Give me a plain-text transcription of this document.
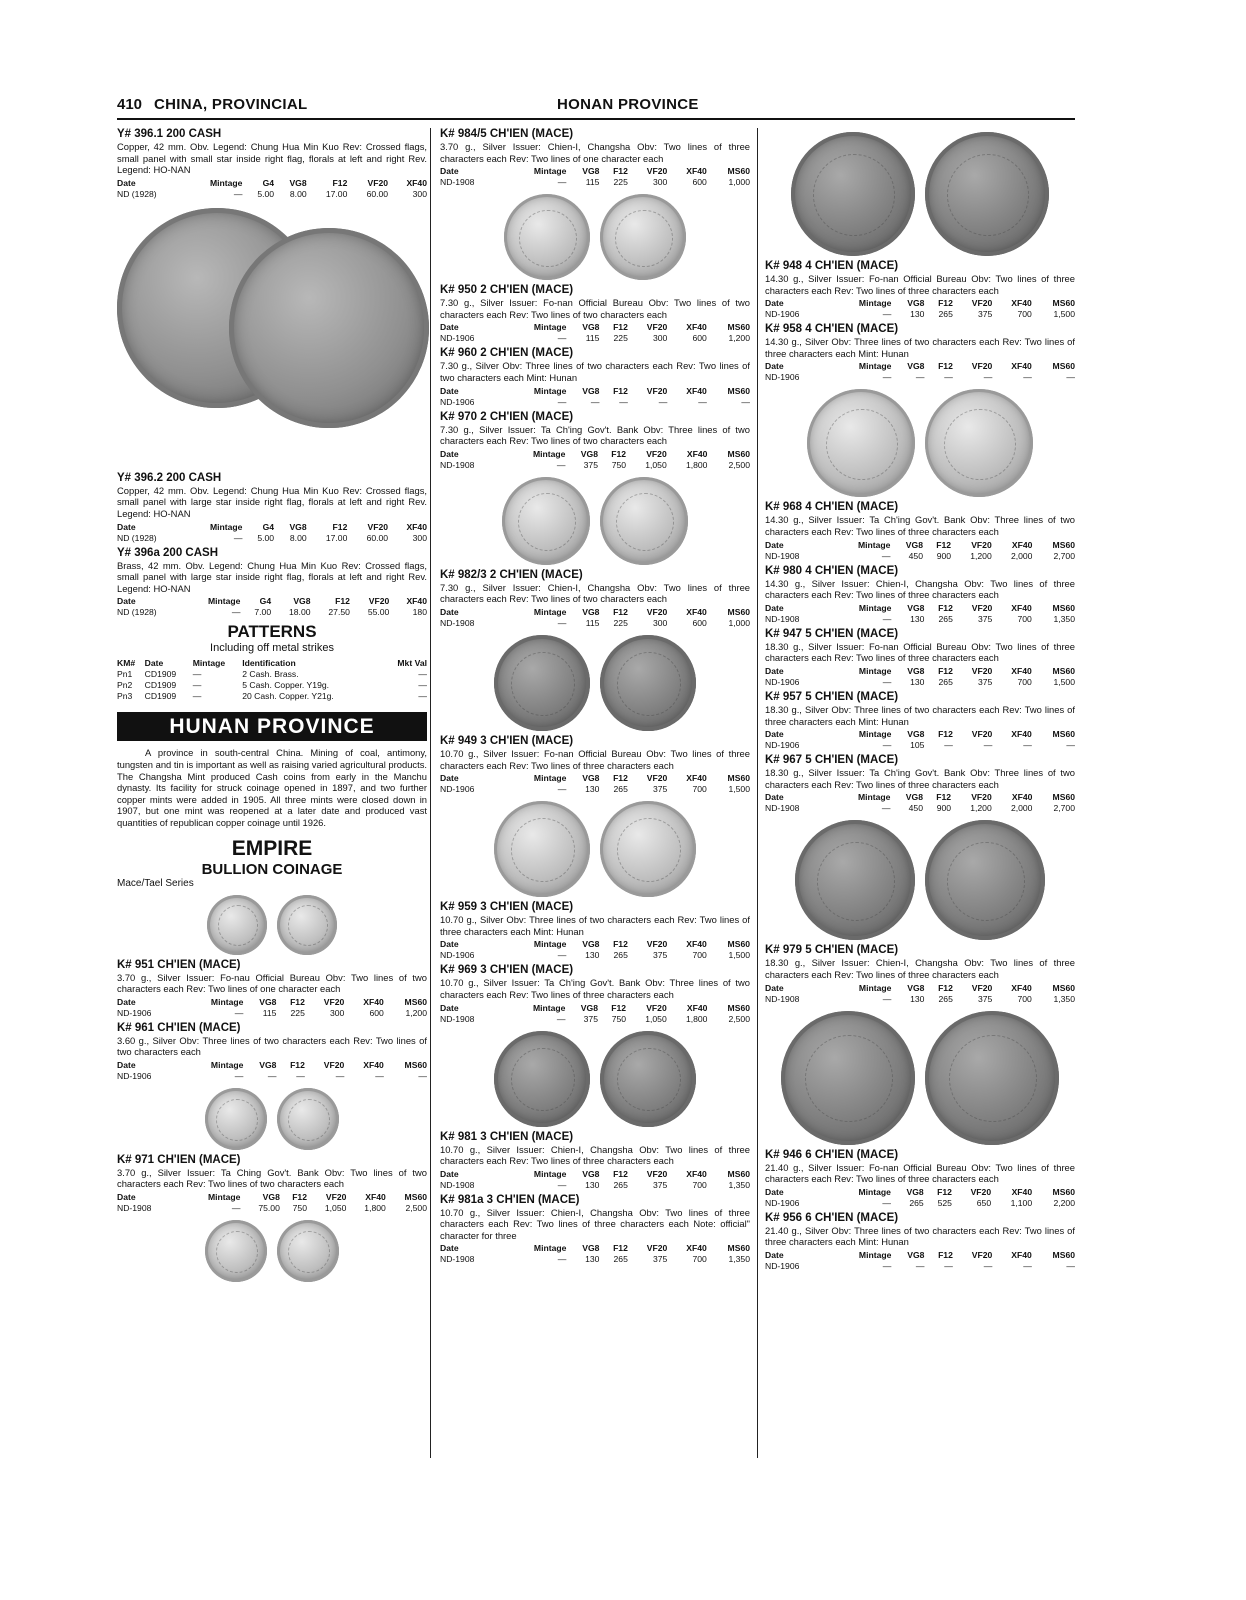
410 CHINA, PROVINCIAL	HONAN PROVINCE
Y# 396.1 200 CASH
Copper, 42 mm. Obv. Legend: Chung Hua Min Kuo Rev: Crossed flags, small panel with small star inside right flag, florals at left and right Rev. Legend: HO-NAN
Date	Mintage	G4	VG8	F12	VF20	XF40
ND (1928)	—	5.00	8.00	17.00	60.00	300
Y# 396.2 200 CASH
Copper, 42 mm. Obv. Legend: Chung Hua Min Kuo Rev: Crossed flags, small panel with large star inside right flag, florals at left and right Rev. Legend: HO-NAN
Date	Mintage	G4	VG8	F12	VF20	XF40
ND (1928)	—	5.00	8.00	17.00	60.00	300
Y# 396a 200 CASH
Brass, 42 mm. Obv. Legend: Chung Hua Min Kuo Rev: Crossed flags, small panel with large star inside right flag, florals at left and right Rev. Legend: HO-NAN
Date	Mintage	G4	VG8	F12	VF20	XF40
ND (1928)	—	7.00	18.00	27.50	55.00	180
PATTERNS
Including off metal strikes
KM#	Date	Mintage	Identification	Mkt Val
Pn1	CD1909	—	2 Cash. Brass.	—
Pn2	CD1909	—	5 Cash. Copper. Y19g.	—
Pn3	CD1909	—	20 Cash. Copper. Y21g.	—
HUNAN PROVINCE
A province in south-central China. Mining of coal, antimony, tungsten and tin is important as well as raising varied agricultural products. The Changsha Mint produced Cash coins from early in the Manchu dynasty. Its facility for struck coinage opened in 1897, and two further copper mints were added in 1905. All three mints were closed down in 1907, but one mint was reopened at a later date and produced vast quantities of republican copper coinage until 1926.
EMPIRE
BULLION COINAGE
Mace/Tael Series
K# 951 CH'IEN (MACE)
3.70 g., Silver Issuer: Fo-nau Official Bureau Obv: Two lines of two characters each Rev: Two lines of one character each
Date	Mintage	VG8	F12	VF20	XF40	MS60
ND-1906	—	115	225	300	600	1,200
K# 961 CH'IEN (MACE)
3.60 g., Silver Obv: Three lines of two characters each Rev: Two lines of two characters each
Date	Mintage	VG8	F12	VF20	XF40	MS60
ND-1906	—	—	—	—	—	—
K# 971 CH'IEN (MACE)
3.70 g., Silver Issuer: Ta Ching Gov't. Bank Obv: Two lines of two characters each Rev: Two lines of two characters each
Date	Mintage	VG8	F12	VF20	XF40	MS60
ND-1908	—	75.00	750	1,050	1,800	2,500
K# 984/5 CH'IEN (MACE)
3.70 g., Silver Issuer: Chien-I, Changsha Obv: Two lines of three characters each Rev: Two lines of one character each
Date	Mintage	VG8	F12	VF20	XF40	MS60
ND-1908	—	115	225	300	600	1,000
K# 950 2 CH'IEN (MACE)
7.30 g., Silver Issuer: Fo-nan Official Bureau Obv: Two lines of two characters each Rev: Two lines of two characters each
Date	Mintage	VG8	F12	VF20	XF40	MS60
ND-1906	—	115	225	300	600	1,200
K# 960 2 CH'IEN (MACE)
7.30 g., Silver Obv: Three lines of two characters each Rev: Two lines of two characters each Mint: Hunan
Date	Mintage	VG8	F12	VF20	XF40	MS60
ND-1906	—	—	—	—	—	—
K# 970 2 CH'IEN (MACE)
7.30 g., Silver Issuer: Ta Ch'ing Gov't. Bank Obv: Three lines of two characters each Rev: Two lines of two characters each
Date	Mintage	VG8	F12	VF20	XF40	MS60
ND-1908	—	375	750	1,050	1,800	2,500
K# 982/3 2 CH'IEN (MACE)
7.30 g., Silver Issuer: Chien-I, Changsha Obv: Two lines of three characters each Rev: Two lines of two characters each
Date	Mintage	VG8	F12	VF20	XF40	MS60
ND-1908	—	115	225	300	600	1,000
K# 949 3 CH'IEN (MACE)
10.70 g., Silver Issuer: Fo-nan Official Bureau Obv: Two lines of three characters each Rev: Two lines of three characters each
Date	Mintage	VG8	F12	VF20	XF40	MS60
ND-1906	—	130	265	375	700	1,500
K# 959 3 CH'IEN (MACE)
10.70 g., Silver Obv: Three lines of two characters each Rev: Two lines of three characters each Mint: Hunan
Date	Mintage	VG8	F12	VF20	XF40	MS60
ND-1906	—	130	265	375	700	1,500
K# 969 3 CH'IEN (MACE)
10.70 g., Silver Issuer: Ta Ch'ing Gov't. Bank Obv: Three lines of two characters each Rev: Two lines of three characters each
Date	Mintage	VG8	F12	VF20	XF40	MS60
ND-1908	—	375	750	1,050	1,800	2,500
K# 981 3 CH'IEN (MACE)
10.70 g., Silver Issuer: Chien-I, Changsha Obv: Two lines of three characters each Rev: Two lines of three characters each
Date	Mintage	VG8	F12	VF20	XF40	MS60
ND-1908	—	130	265	375	700	1,350
K# 981a 3 CH'IEN (MACE)
10.70 g., Silver Issuer: Chien-I, Changsha Obv: Two lines of three characters each Rev: Two lines of three characters each Note: official" character for three
Date	Mintage	VG8	F12	VF20	XF40	MS60
ND-1908	—	130	265	375	700	1,350
K# 948 4 CH'IEN (MACE)
14.30 g., Silver Issuer: Fo-nan Official Bureau Obv: Two lines of three characters each Rev: Two lines of three characters each
Date	Mintage	VG8	F12	VF20	XF40	MS60
ND-1906	—	130	265	375	700	1,500
K# 958 4 CH'IEN (MACE)
14.30 g., Silver Obv: Three lines of two characters each Rev: Two lines of three characters each Mint: Hunan
Date	Mintage	VG8	F12	VF20	XF40	MS60
ND-1906	—	—	—	—	—	—
K# 968 4 CH'IEN (MACE)
14.30 g., Silver Issuer: Ta Ch'ing Gov't. Bank Obv: Three lines of two characters each Rev: Two lines of three characters each
Date	Mintage	VG8	F12	VF20	XF40	MS60
ND-1908	—	450	900	1,200	2,000	2,700
K# 980 4 CH'IEN (MACE)
14.30 g., Silver Issuer: Chien-I, Changsha Obv: Two lines of three characters each Rev: Two lines of three characters each
Date	Mintage	VG8	F12	VF20	XF40	MS60
ND-1908	—	130	265	375	700	1,350
K# 947 5 CH'IEN (MACE)
18.30 g., Silver Issuer: Fo-nan Official Bureau Obv: Two lines of three characters each Rev: Two lines of three characters each
Date	Mintage	VG8	F12	VF20	XF40	MS60
ND-1906	—	130	265	375	700	1,500
K# 957 5 CH'IEN (MACE)
18.30 g., Silver Obv: Three lines of two characters each Rev: Two lines of three characters each Mint: Hunan
Date	Mintage	VG8	F12	VF20	XF40	MS60
ND-1906	—	105	—	—	—	—
K# 967 5 CH'IEN (MACE)
18.30 g., Silver Issuer: Ta Ch'ing Gov't. Bank Obv: Three lines of two characters each Rev: Two lines of three characters each
Date	Mintage	VG8	F12	VF20	XF40	MS60
ND-1908	—	450	900	1,200	2,000	2,700
K# 979 5 CH'IEN (MACE)
18.30 g., Silver Issuer: Chien-I, Changsha Obv: Two lines of three characters each Rev: Two lines of three characters each
Date	Mintage	VG8	F12	VF20	XF40	MS60
ND-1908	—	130	265	375	700	1,350
K# 946 6 CH'IEN (MACE)
21.40 g., Silver Issuer: Fo-nan Official Bureau Obv: Two lines of three characters each Rev: Two lines of three characters each
Date	Mintage	VG8	F12	VF20	XF40	MS60
ND-1906	—	265	525	650	1,100	2,200
K# 956 6 CH'IEN (MACE)
21.40 g., Silver Obv: Three lines of two characters each Rev: Two lines of three characters each Mint: Hunan
Date	Mintage	VG8	F12	VF20	XF40	MS60
ND-1906	—	—	—	—	—	—
